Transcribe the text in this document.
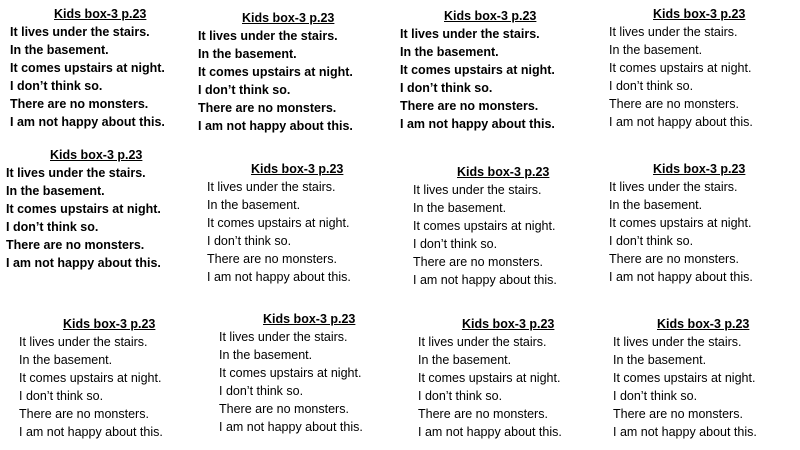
Kids box-3 p.23
It lives under the stairs.
In the basement.
It comes upstairs at night.
I don’t think so.
There are no monsters.
I am not happy about this.
Kids box-3 p.23
It lives under the stairs.
In the basement.
It comes upstairs at night.
I don’t think so.
There are no monsters.
I am not happy about this.
Kids box-3 p.23
It lives under the stairs.
In the basement.
It comes upstairs at night.
I don’t think so.
There are no monsters.
I am not happy about this.
Kids box-3 p.23
It lives under the stairs.
In the basement.
It comes upstairs at night.
I don’t think so.
There are no monsters.
I am not happy about this.
Kids box-3 p.23
It lives under the stairs.
In the basement.
It comes upstairs at night.
I don’t think so.
There are no monsters.
I am not happy about this.
Kids box-3 p.23
It lives under the stairs.
In the basement.
It comes upstairs at night.
I don’t think so.
There are no monsters.
I am not happy about this.
Kids box-3 p.23
It lives under the stairs.
In the basement.
It comes upstairs at night.
I don’t think so.
There are no monsters.
I am not happy about this.
Kids box-3 p.23
It lives under the stairs.
In the basement.
It comes upstairs at night.
I don’t think so.
There are no monsters.
I am not happy about this.
Kids box-3 p.23
It lives under the stairs.
In the basement.
It comes upstairs at night.
I don’t think so.
There are no monsters.
I am not happy about this.
Kids box-3 p.23
It lives under the stairs.
In the basement.
It comes upstairs at night.
I don’t think so.
There are no monsters.
I am not happy about this.
Kids box-3 p.23
It lives under the stairs.
In the basement.
It comes upstairs at night.
I don’t think so.
There are no monsters.
I am not happy about this.
Kids box-3 p.23
It lives under the stairs.
In the basement.
It comes upstairs at night.
I don’t think so.
There are no monsters.
I am not happy about this.
